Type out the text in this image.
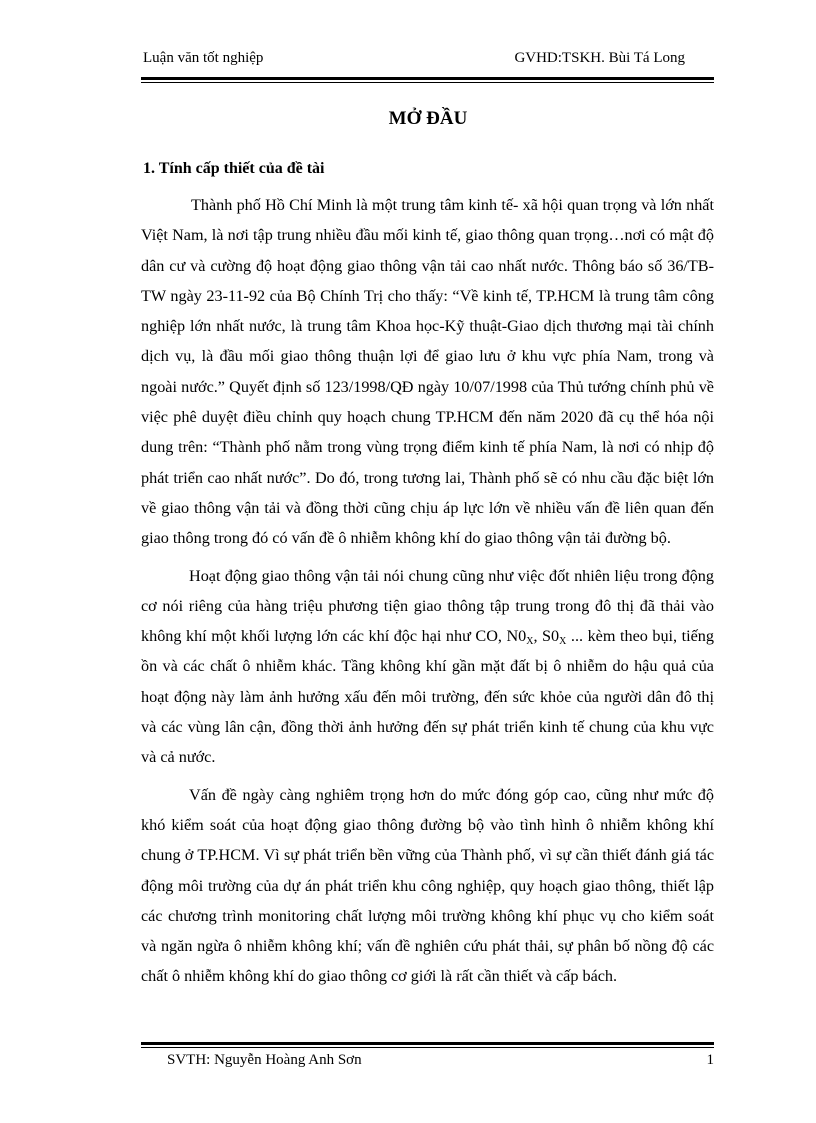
Luận văn tốt nghiệp	GVHD:TSKH. Bùi Tá Long
MỞ ĐẦU
1. Tính cấp thiết của đề tài

Thành phố Hồ Chí Minh là một trung tâm kinh tế- xã hội quan trọng và lớn nhất Việt Nam, là nơi tập trung nhiều đầu mối kinh tế, giao thông quan trọng…nơi có mật độ dân cư và cường độ hoạt động giao thông vận tải cao nhất nước. Thông báo số 36/TB-TW ngày 23-11-92 của Bộ Chính Trị cho thấy: “Về kinh tế, TP.HCM là trung tâm công nghiệp lớn nhất nước, là trung tâm Khoa học-Kỹ thuật-Giao dịch thương mại tài chính dịch vụ, là đầu mối giao thông thuận lợi để giao lưu ở khu vực phía Nam, trong và ngoài nước.” Quyết định số 123/1998/QĐ ngày 10/07/1998 của Thủ tướng chính phủ về việc phê duyệt điều chỉnh quy hoạch chung TP.HCM đến năm 2020 đã cụ thể hóa nội dung trên: “Thành phố nằm trong vùng trọng điểm kinh tế phía Nam, là nơi có nhịp độ phát triển cao nhất nước”. Do đó, trong tương lai, Thành phố sẽ có nhu cầu đặc biệt lớn về giao thông vận tải và đồng thời cũng chịu áp lực lớn về nhiều vấn đề liên quan đến giao thông trong đó có vấn đề ô nhiễm không khí do giao thông vận tải đường bộ.

Hoạt động giao thông vận tải nói chung cũng như việc đốt nhiên liệu trong động cơ nói riêng của hàng triệu phương tiện giao thông tập trung trong đô thị đã thải vào không khí một khối lượng lớn các khí độc hại như CO, $N0_X$, $S0_X$ ... kèm theo bụi, tiếng ồn và các chất ô nhiễm khác. Tầng không khí gần mặt đất bị ô nhiễm do hậu quả của hoạt động này làm ảnh hưởng xấu đến môi trường, đến sức khỏe của người dân đô thị và các vùng lân cận, đồng thời ảnh hưởng đến sự phát triển kinh tế chung của khu vực và cả nước.

Vấn đề ngày càng nghiêm trọng hơn do mức đóng góp cao, cũng như mức độ khó kiểm soát của hoạt động giao thông đường bộ vào tình hình ô nhiễm không khí chung ở TP.HCM. Vì sự phát triển bền vững của Thành phố, vì sự cần thiết đánh giá tác động môi trường của dự án phát triển khu công nghiệp, quy hoạch giao thông, thiết lập các chương trình monitoring chất lượng môi trường không khí phục vụ cho kiểm soát và ngăn ngừa ô nhiễm không khí; vấn đề nghiên cứu phát thải, sự phân bố nồng độ các chất ô nhiễm không khí do giao thông cơ giới là rất cần thiết và cấp bách.

SVTH: Nguyễn Hoàng Anh Sơn	1
